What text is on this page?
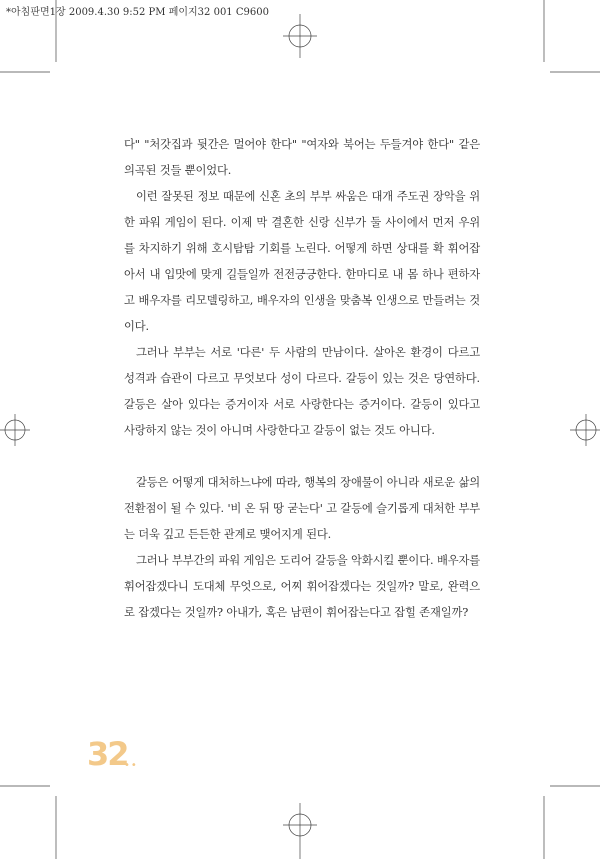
*아침판면1장 2009.4.30 9:52 PM 페이지32 001 C9600

다" "처갓집과 뒷간은 멀어야 한다" "여자와 북어는 두들겨야 한다" 같은 의곡된 것들 뿐이었다.

이런 잘못된 정보 때문에 신혼 초의 부부 싸움은 대개 주도권 장악을 위한 파워 게임이 된다. 이제 막 결혼한 신랑 신부가 둘 사이에서 먼저 우위를 차지하기 위해 호시탐탐 기회를 노린다. 어떻게 하면 상대를 확 휘어잡아서 내 입맛에 맞게 길들일까 전전긍긍한다. 한마디로 내 몸 하나 편하자고 배우자를 리모델링하고, 배우자의 인생을 맞춤복 인생으로 만들려는 것이다.

그러나 부부는 서로 '다른' 두 사람의 만남이다. 살아온 환경이 다르고 성격과 습관이 다르고 무엇보다 성이 다르다. 갈등이 있는 것은 당연하다. 갈등은 살아 있다는 증거이자 서로 사랑한다는 증거이다. 갈등이 있다고 사랑하지 않는 것이 아니며 사랑한다고 갈등이 없는 것도 아니다.

갈등은 어떻게 대처하느냐에 따라, 행복의 장애물이 아니라 새로운 삶의 전환점이 될 수 있다. '비 온 뒤 땅 굳는다' 고 갈등에 슬기롭게 대처한 부부는 더욱 깊고 든든한 관계로 맺어지게 된다.

그러나 부부간의 파워 게임은 도리어 갈등을 악화시킬 뿐이다. 배우자를 휘어잡겠다니 도대체 무엇으로, 어찌 휘어잡겠다는 것일까? 말로, 완력으로 잡겠다는 것일까? 아내가, 혹은 남편이 휘어잡는다고 잡힐 존재일까?

32
••
